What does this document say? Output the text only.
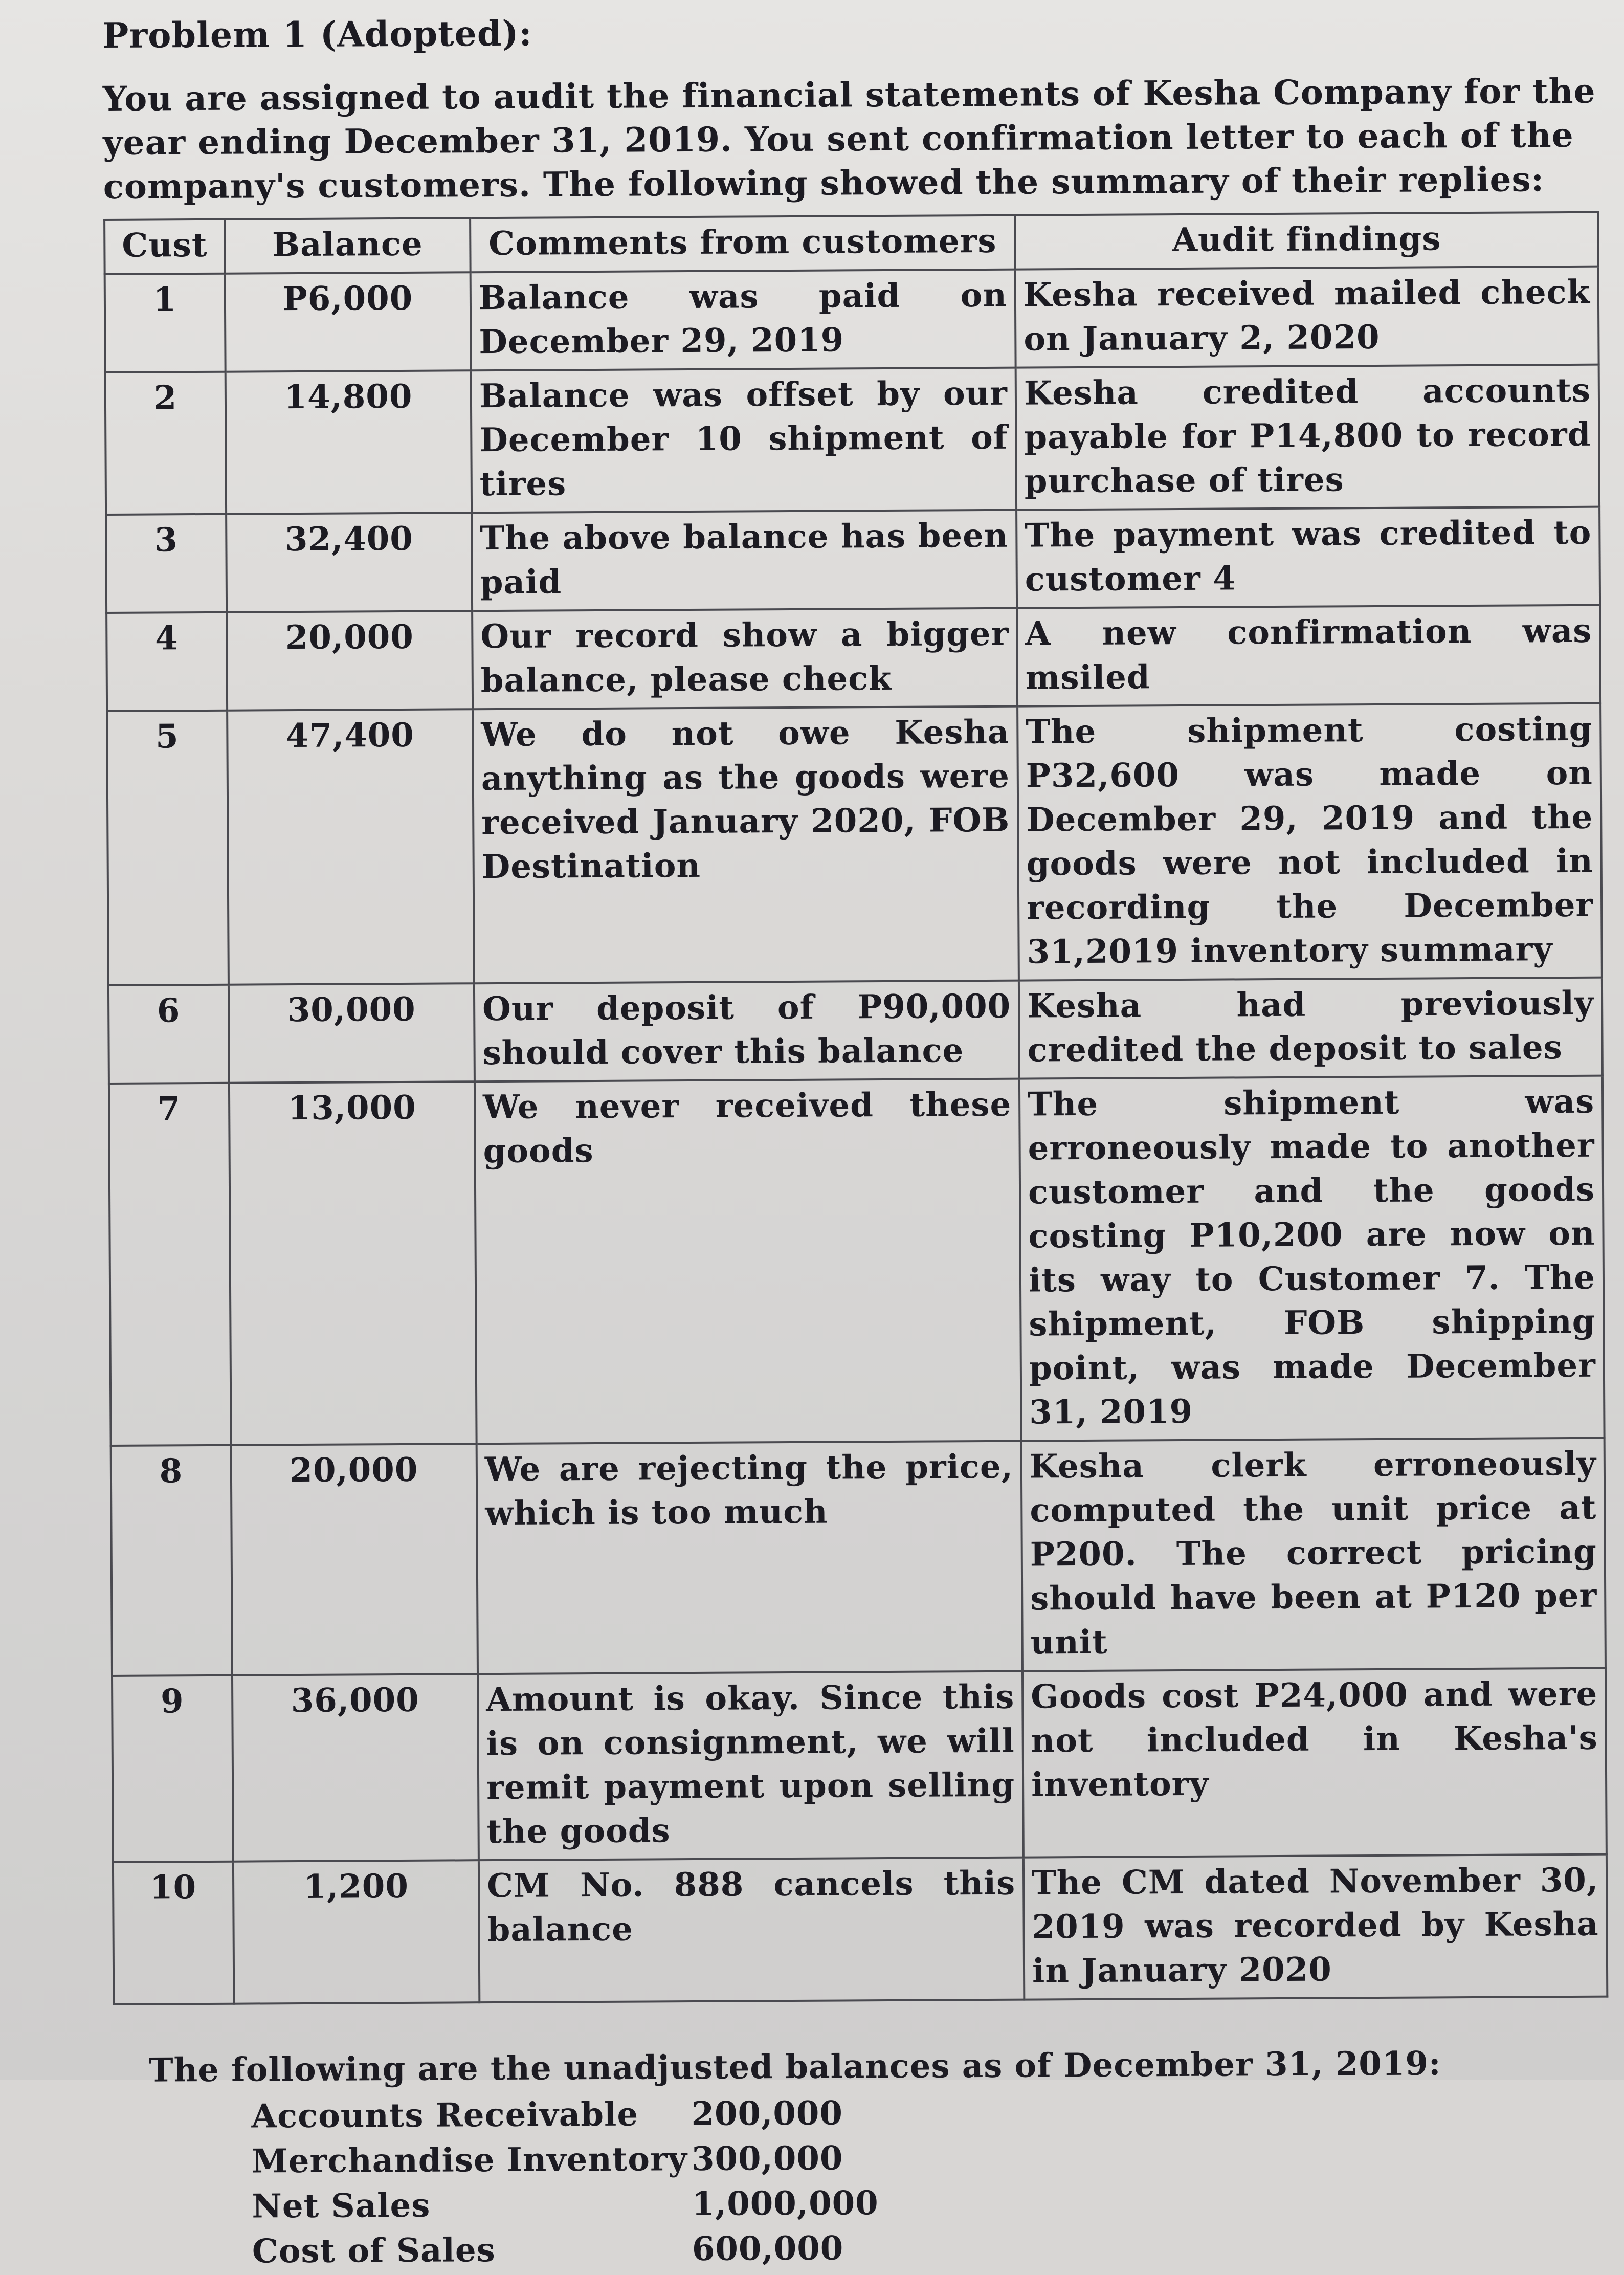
Problem 1 (Adopted):
You are assigned to audit the financial statements of Kesha Company for the year ending December 31, 2019. You sent confirmation letter to each of the company's customers. The following showed the summary of their replies:
Cust	Balance	Comments from customers	Audit findings
1	P6,000	Balance was paid on December 29, 2019	Kesha received mailed check on January 2, 2020
2	14,800	Balance was offset by our December 10 shipment of tires	Kesha credited accounts payable for P14,800 to record purchase of tires
3	32,400	The above balance has been paid	The payment was credited to customer 4
4	20,000	Our record show a bigger balance, please check	A new confirmation was msiled
5	47,400	We do not owe Kesha anything as the goods were received January 2020, FOB Destination	The shipment costing P32,600 was made on December 29, 2019 and the goods were not included in recording the December 31,2019 inventory summary
6	30,000	Our deposit of P90,000 should cover this balance	Kesha had previously credited the deposit to sales
7	13,000	We never received these goods	The shipment was erroneously made to another customer and the goods costing P10,200 are now on its way to Customer 7. The shipment, FOB shipping point, was made December 31, 2019
8	20,000	We are rejecting the price, which is too much	Kesha clerk erroneously computed the unit price at P200. The correct pricing should have been at P120 per unit
9	36,000	Amount is okay. Since this is on consignment, we will remit payment upon selling the goods	Goods cost P24,000 and were not included in Kesha's inventory
10	1,200	CM No. 888 cancels this balance	The CM dated November 30, 2019 was recorded by Kesha in January 2020
The following are the unadjusted balances as of December 31, 2019:
Accounts Receivable	200,000
Merchandise Inventory 300,000
Net Sales	1,000,000
Cost of Sales	600,000
